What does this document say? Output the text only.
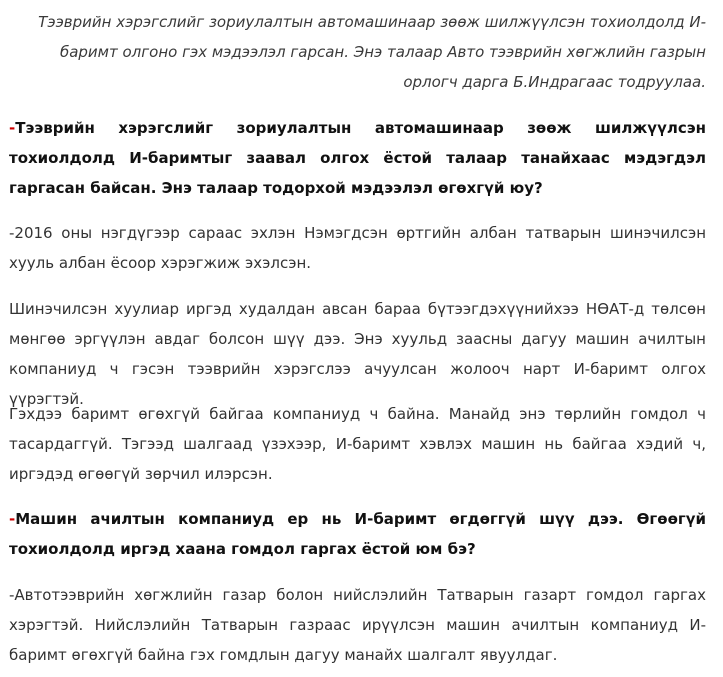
Тээврийн хэрэгслийг зориулалтын автомашинаар зөөж шилжүүлсэн тохиолдолд И-баримт олгоно гэх мэдээлэл гарсан. Энэ талаар Авто тээврийн хөгжлийн газрын орлогч дарга Б.Индрагаас тодруулаа.

-Тээврийн хэрэгслийг зориулалтын автомашинаар зөөж шилжүүлсэн тохиолдолд И-баримтыг заавал олгох ёстой талаар танайхаас мэдэгдэл гаргасан байсан. Энэ талаар тодорхой мэдээлэл өгөхгүй юу?

-2016 оны нэгдүгээр сараас эхлэн Нэмэгдсэн өртгийн албан татварын шинэчилсэн хууль албан ёсоор хэрэгжиж эхэлсэн.

Шинэчилсэн хуулиар иргэд худалдан авсан бараа бүтээгдэхүүнийхээ НӨАТ-д төлсөн мөнгөө эргүүлэн авдаг болсон шүү дээ. Энэ хуульд заасны дагуу машин ачилтын компаниуд ч гэсэн тээврийн хэрэгслээ ачуулсан жолооч нарт И-баримт олгох үүрэгтэй.

Гэхдээ баримт өгөхгүй байгаа компаниуд ч байна. Манайд энэ төрлийн гомдол ч тасардаггүй. Тэгээд шалгаад үзэхээр, И-баримт хэвлэх машин нь байгаа хэдий ч, иргэдэд өгөөгүй зөрчил илэрсэн.

-Машин ачилтын компаниуд ер нь И-баримт өгдөггүй шүү дээ. Өгөөгүй тохиолдолд иргэд хаана гомдол гаргах ёстой юм бэ?

-Автотээврийн хөгжлийн газар болон нийслэлийн Татварын газарт гомдол гаргах хэрэгтэй. Нийслэлийн Татварын газраас ирүүлсэн машин ачилтын компаниуд И-баримт өгөхгүй байна гэх гомдлын дагуу манайх шалгалт явуулдаг.
